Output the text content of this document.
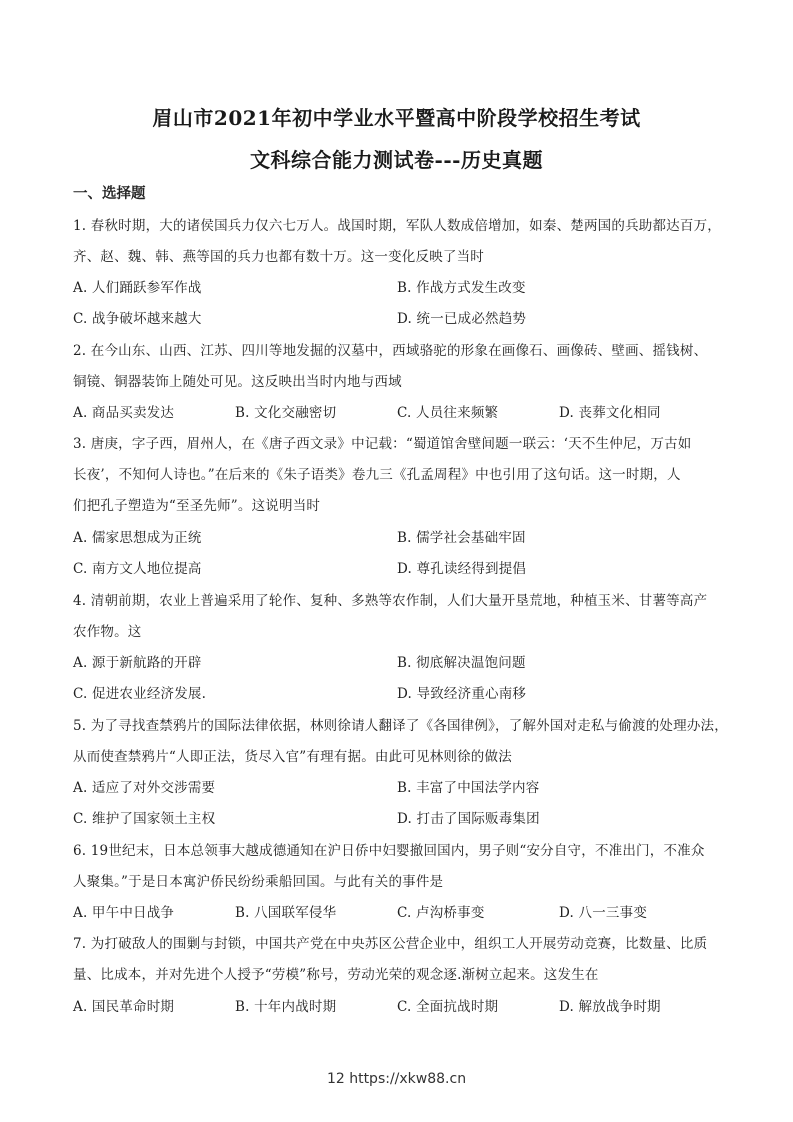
眉山市2021年初中学业水平暨高中阶段学校招生考试
文科综合能力测试卷---历史真题
一、选择题
1. 春秋时期，大的诸侯国兵力仅六七万人。战国时期，军队人数成倍增加，如秦、楚两国的兵助都达百万，
齐、赵、魏、韩、燕等国的兵力也都有数十万。这一变化反映了当时
A. 人们踊跃参军作战	B. 作战方式发生改变
C. 战争破坏越来越大	D. 统一已成必然趋势
2. 在今山东、山西、江苏、四川等地发掘的汉墓中，西域骆驼的形象在画像石、画像砖、壁画、摇钱树、
铜镜、铜器装饰上随处可见。这反映出当时内地与西域
A. 商品买卖发达	B. 文化交融密切	C. 人员往来频繁	D. 丧葬文化相同
3. 唐庚，字子西，眉州人，在《唐子西文录》中记载：“蜀道馆舍壁间题一联云：‘天不生仲尼，万古如
长夜’，不知何人诗也。”在后来的《朱子语类》卷九三《孔孟周程》中也引用了这句话。这一时期，人
们把孔子塑造为“至圣先师”。这说明当时
A. 儒家思想成为正统	B. 儒学社会基础牢固
C. 南方文人地位提高	D. 尊孔读经得到提倡
4. 清朝前期，农业上普遍采用了轮作、复种、多熟等农作制，人们大量开垦荒地，种植玉米、甘薯等高产
农作物。这
A. 源于新航路的开辟	B. 彻底解决温饱问题
C. 促进农业经济发展.	D. 导致经济重心南移
5. 为了寻找查禁鸦片的国际法律依据，林则徐请人翻译了《各国律例》，了解外国对走私与偷渡的处理办法，
从而使查禁鸦片“人即正法，货尽入官”有理有据。由此可见林则徐的做法
A. 适应了对外交涉需要	B. 丰富了中国法学内容
C. 维护了国家领土主权	D. 打击了国际贩毒集团
6. 19世纪末，日本总领事大越成德通知在沪日侨中妇婴撤回国内，男子则“安分自守，不准出门，不准众
人聚集。”于是日本寓沪侨民纷纷乘船回国。与此有关的事件是
A. 甲午中日战争	B. 八国联军侵华	C. 卢沟桥事变	D. 八一三事变
7. 为打破敌人的围剿与封锁，中国共产党在中央苏区公营企业中，组织工人开展劳动竞赛，比数量、比质
量、比成本，并对先进个人授予“劳模”称号，劳动光荣的观念逐.渐树立起来。这发生在
A. 国民革命时期	B. 十年内战时期	C. 全面抗战时期	D. 解放战争时期
12 https://xkw88.cn
